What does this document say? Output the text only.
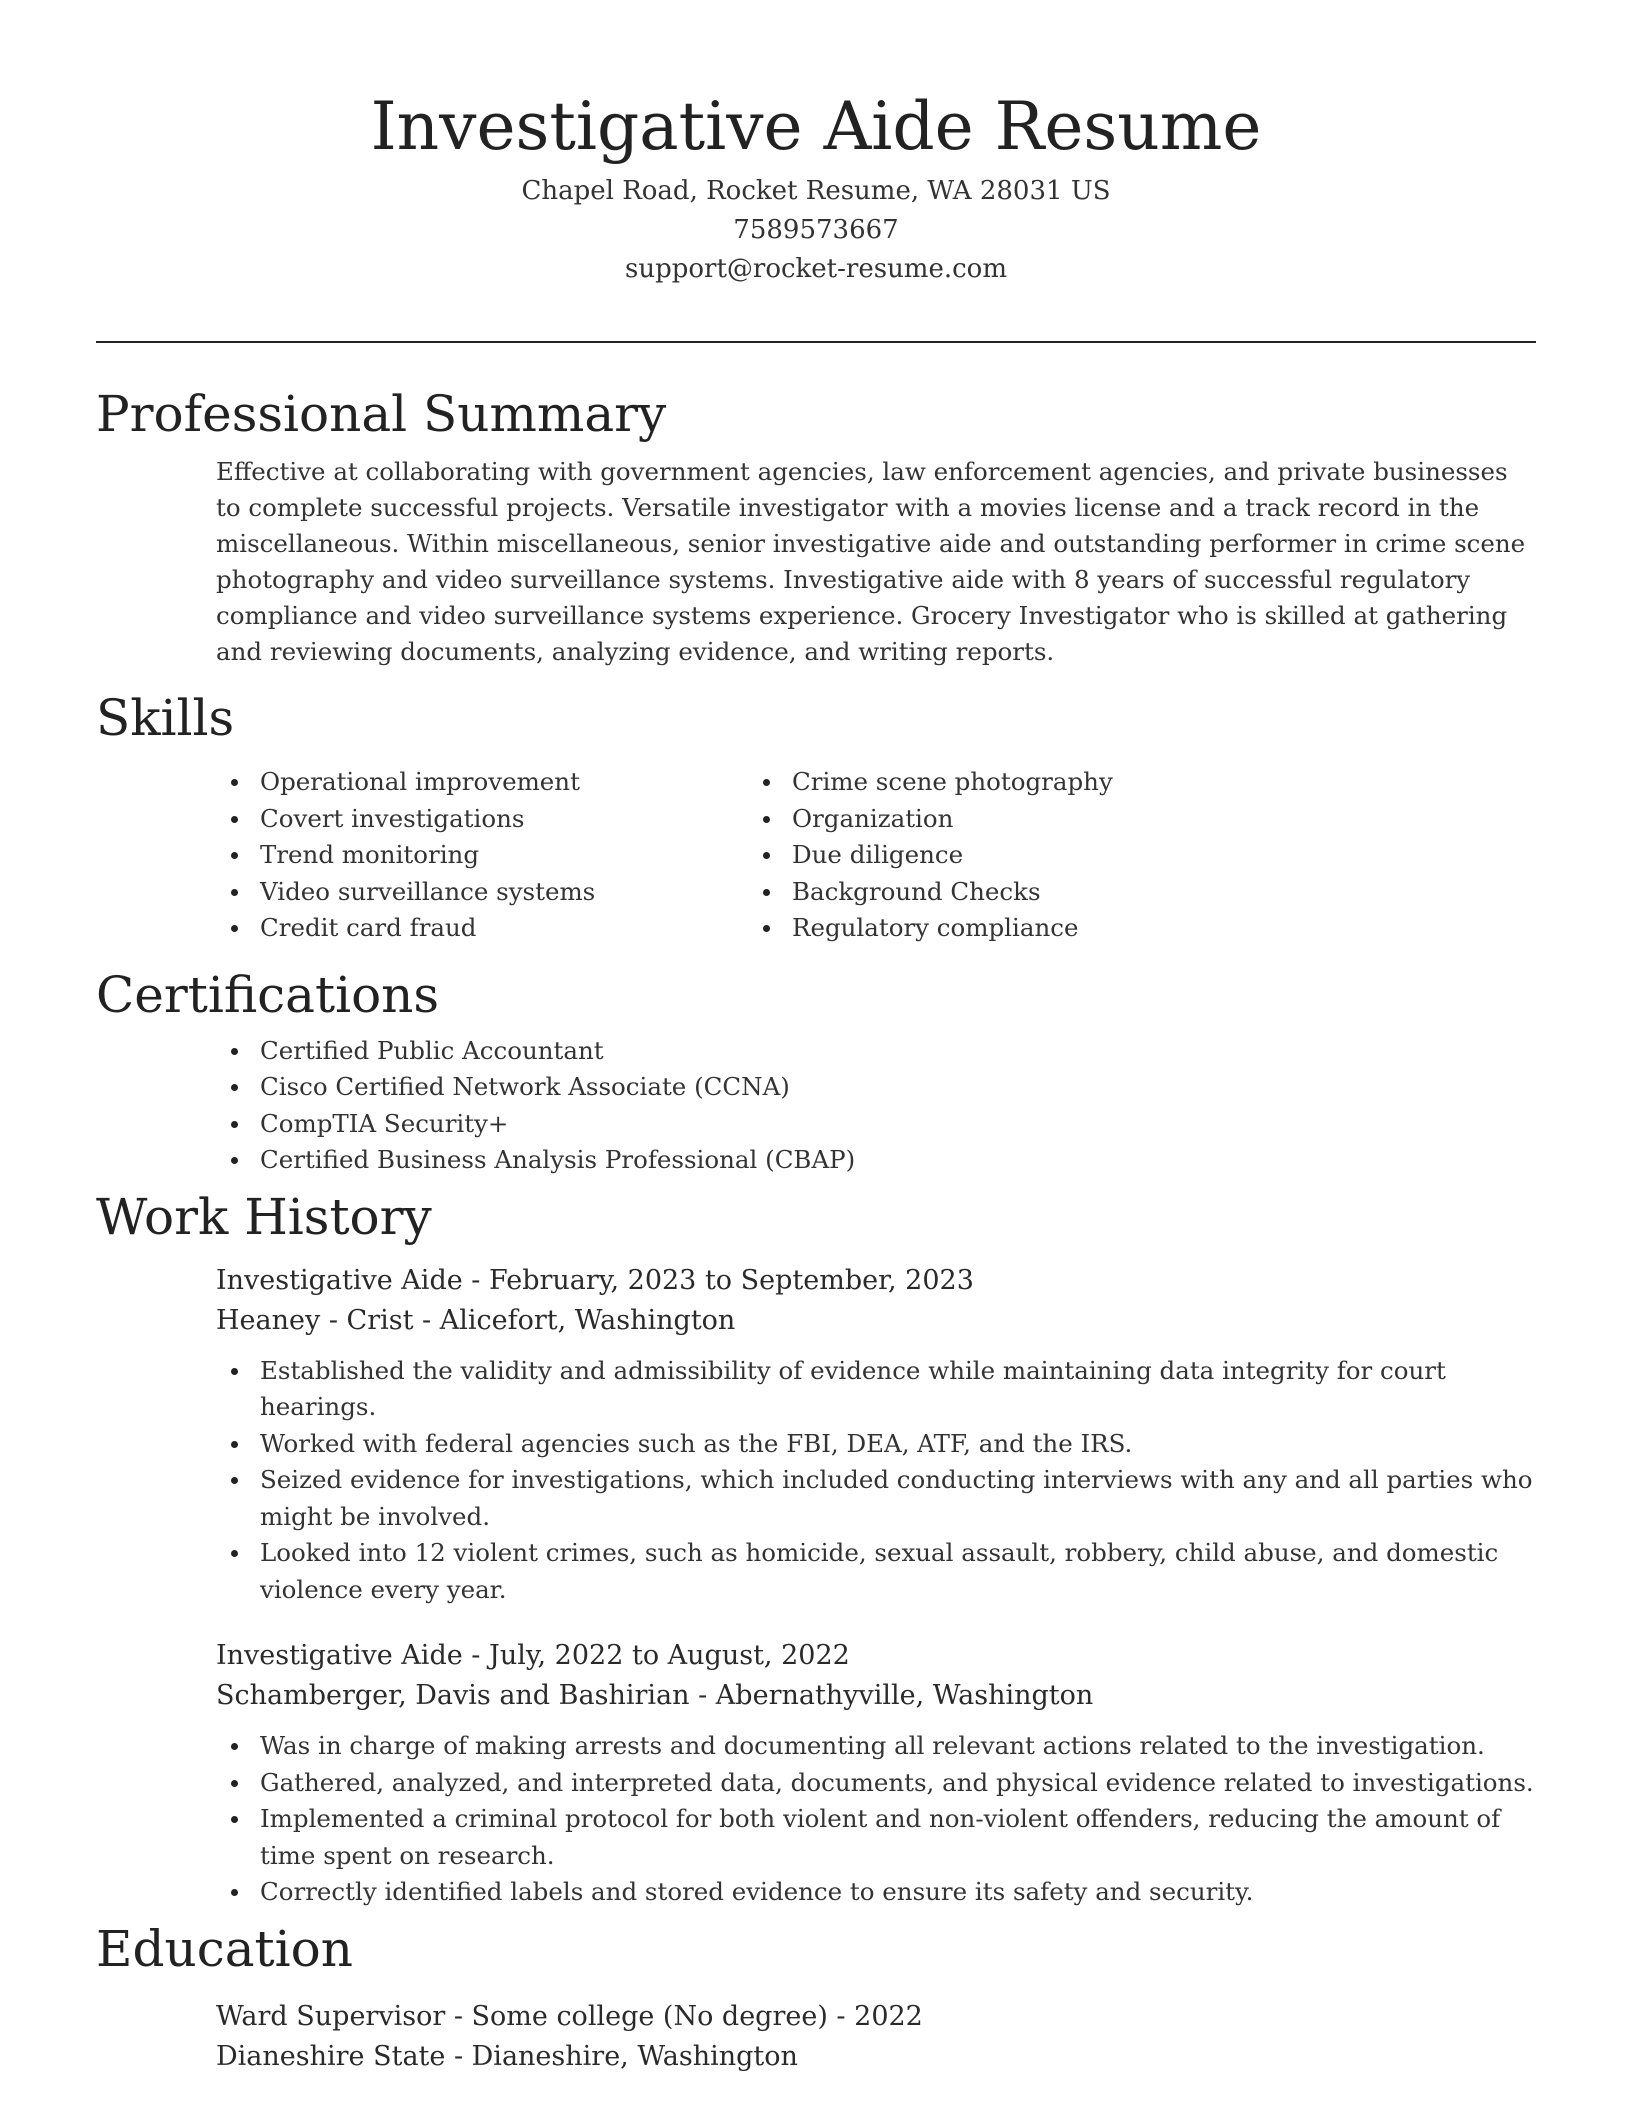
Investigative Aide Resume
Chapel Road, Rocket Resume, WA 28031 US
7589573667
support@rocket-resume.com
Professional Summary

Effective at collaborating with government agencies, law enforcement agencies, and private businesses to complete successful projects. Versatile investigator with a movies license and a track record in the miscellaneous. Within miscellaneous, senior investigative aide and outstanding performer in crime scene photography and video surveillance systems. Investigative aide with 8 years of successful regulatory compliance and video surveillance systems experience. Grocery Investigator who is skilled at gathering and reviewing documents, analyzing evidence, and writing reports.

Skills
Operational improvement
Covert investigations
Trend monitoring
Video surveillance systems
Credit card fraud
Crime scene photography
Organization
Due diligence
Background Checks
Regulatory compliance
Certifications
Certified Public Accountant
Cisco Certified Network Associate (CCNA)
CompTIA Security+
Certified Business Analysis Professional (CBAP)
Work History
Investigative Aide - February, 2023 to September, 2023
Heaney - Crist - Alicefort, Washington
Established the validity and admissibility of evidence while maintaining data integrity for court hearings.
Worked with federal agencies such as the FBI, DEA, ATF, and the IRS.
Seized evidence for investigations, which included conducting interviews with any and all parties who might be involved.
Looked into 12 violent crimes, such as homicide, sexual assault, robbery, child abuse, and domestic violence every year.
Investigative Aide - July, 2022 to August, 2022
Schamberger, Davis and Bashirian - Abernathyville, Washington
Was in charge of making arrests and documenting all relevant actions related to the investigation.
Gathered, analyzed, and interpreted data, documents, and physical evidence related to investigations.
Implemented a criminal protocol for both violent and non-violent offenders, reducing the amount of time spent on research.
Correctly identified labels and stored evidence to ensure its safety and security.
Education
Ward Supervisor - Some college (No degree) - 2022
Dianeshire State - Dianeshire, Washington
